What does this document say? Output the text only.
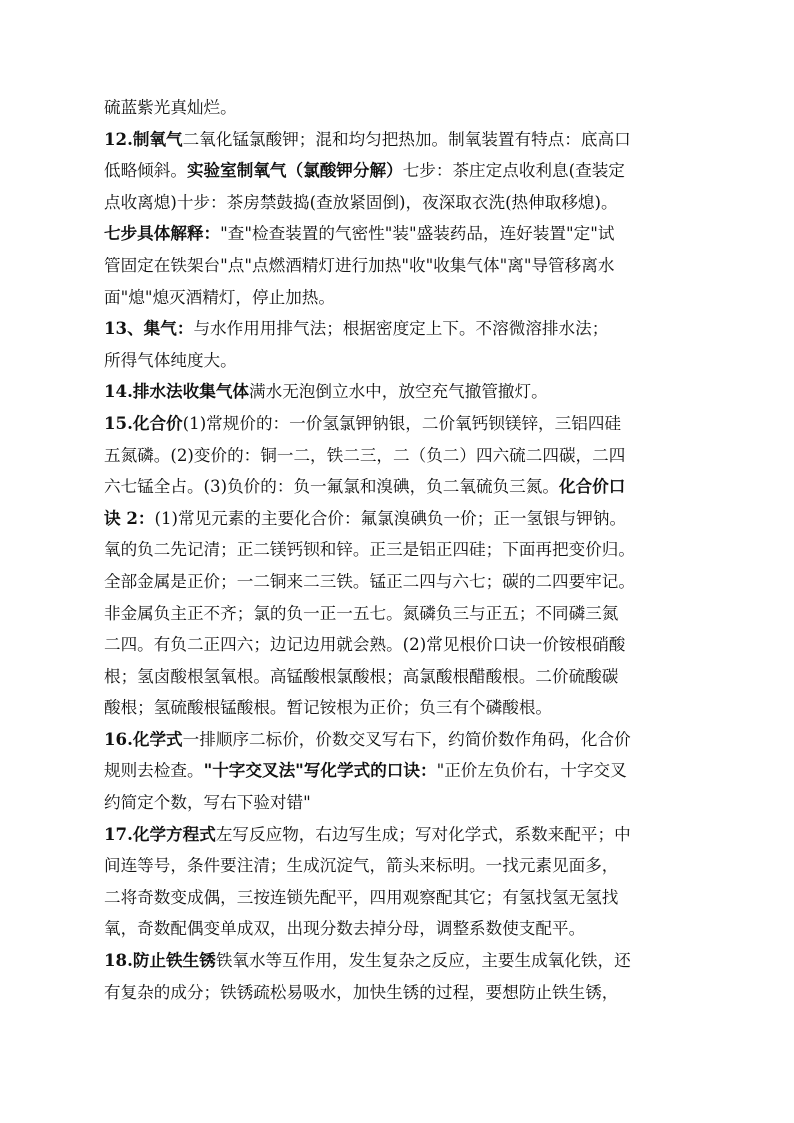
硫蓝紫光真灿烂。
12.制氧气二氧化锰氯酸钾；混和均匀把热加。制氧装置有特点：底高口
低略倾斜。实验室制氧气（氯酸钾分解）七步：茶庄定点收利息(查装定
点收离熄)十步：茶房禁鼓捣(查放紧固倒)，夜深取衣洗(热伸取移熄)。
七步具体解释："查"检查装置的气密性"装"盛装药品，连好装置"定"试
管固定在铁架台"点"点燃酒精灯进行加热"收"收集气体"离"导管移离水
面"熄"熄灭酒精灯，停止加热。
13、集气：与水作用用排气法；根据密度定上下。不溶微溶排水法；
所得气体纯度大。
14.排水法收集气体满水无泡倒立水中，放空充气撤管撤灯。
15.化合价(1)常规价的：一价氢氯钾钠银，二价氧钙钡镁锌，三铝四硅
五氮磷。(2)变价的：铜一二，铁二三，二（负二）四六硫二四碳，二四
六七锰全占。(3)负价的：负一氟氯和溴碘，负二氧硫负三氮。化合价口
诀 2：(1)常见元素的主要化合价：氟氯溴碘负一价；正一氢银与钾钠。
氧的负二先记清；正二镁钙钡和锌。正三是铝正四硅；下面再把变价归。
全部金属是正价；一二铜来二三铁。锰正二四与六七；碳的二四要牢记。
非金属负主正不齐；氯的负一正一五七。氮磷负三与正五；不同磷三氮
二四。有负二正四六；边记边用就会熟。(2)常见根价口诀一价铵根硝酸
根；氢卤酸根氢氧根。高锰酸根氯酸根；高氯酸根醋酸根。二价硫酸碳
酸根；氢硫酸根锰酸根。暂记铵根为正价；负三有个磷酸根。
16.化学式一排顺序二标价，价数交叉写右下，约简价数作角码，化合价
规则去检查。"十字交叉法"写化学式的口诀："正价左负价右，十字交叉
约简定个数，写右下验对错"
17.化学方程式左写反应物，右边写生成；写对化学式，系数来配平；中
间连等号，条件要注清；生成沉淀气，箭头来标明。一找元素见面多，
二将奇数变成偶，三按连锁先配平，四用观察配其它；有氢找氢无氢找
氧，奇数配偶变单成双，出现分数去掉分母，调整系数使支配平。
18.防止铁生锈铁氧水等互作用，发生复杂之反应，主要生成氧化铁，还
有复杂的成分；铁锈疏松易吸水，加快生锈的过程，要想防止铁生锈，
